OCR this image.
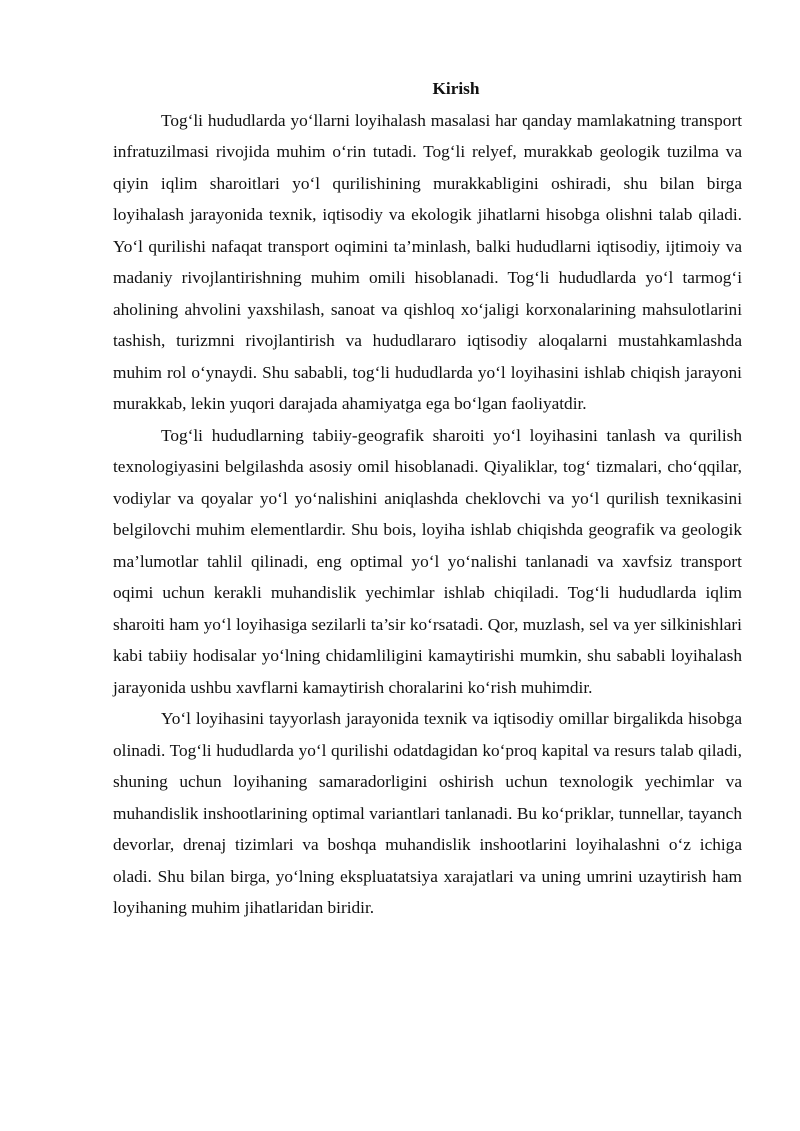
Kirish

Tog‘li hududlarda yo‘llarni loyihalash masalasi har qanday mamlakatning transport infratuzilmasi rivojida muhim o‘rin tutadi. Tog‘li relyef, murakkab geologik tuzilma va qiyin iqlim sharoitlari yo‘l qurilishining murakkabligini oshiradi, shu bilan birga loyihalash jarayonida texnik, iqtisodiy va ekologik jihatlarni hisobga olishni talab qiladi. Yo‘l qurilishi nafaqat transport oqimini ta’minlash, balki hududlarni iqtisodiy, ijtimoiy va madaniy rivojlantirishning muhim omili hisoblanadi. Tog‘li hududlarda yo‘l tarmog‘i aholining ahvolini yaxshilash, sanoat va qishloq xo‘jaligi korxonalarining mahsulotlarini tashish, turizmni rivojlantirish va hududlararo iqtisodiy aloqalarni mustahkamlashda muhim rol o‘ynaydi. Shu sababli, tog‘li hududlarda yo‘l loyihasini ishlab chiqish jarayoni murakkab, lekin yuqori darajada ahamiyatga ega bo‘lgan faoliyatdir.

Tog‘li hududlarning tabiiy-geografik sharoiti yo‘l loyihasini tanlash va qurilish texnologiyasini belgilashda asosiy omil hisoblanadi. Qiyaliklar, tog‘ tizmalari, cho‘qqilar, vodiylar va qoyalar yo‘l yo‘nalishini aniqlashda cheklovchi va yo‘l qurilish texnikasini belgilovchi muhim elementlardir. Shu bois, loyiha ishlab chiqishda geografik va geologik ma’lumotlar tahlil qilinadi, eng optimal yo‘l yo‘nalishi tanlanadi va xavfsiz transport oqimi uchun kerakli muhandislik yechimlar ishlab chiqiladi. Tog‘li hududlarda iqlim sharoiti ham yo‘l loyihasiga sezilarli ta’sir ko‘rsatadi. Qor, muzlash, sel va yer silkinishlari kabi tabiiy hodisalar yo‘lning chidamliligini kamaytirishi mumkin, shu sababli loyihalash jarayonida ushbu xavflarni kamaytirish choralarini ko‘rish muhimdir.

Yo‘l loyihasini tayyorlash jarayonida texnik va iqtisodiy omillar birgalikda hisobga olinadi. Tog‘li hududlarda yo‘l qurilishi odatdagidan ko‘proq kapital va resurs talab qiladi, shuning uchun loyihaning samaradorligini oshirish uchun texnologik yechimlar va muhandislik inshootlarining optimal variantlari tanlanadi. Bu ko‘priklar, tunnellar, tayanch devorlar, drenaj tizimlari va boshqa muhandislik inshootlarini loyihalashni o‘z ichiga oladi. Shu bilan birga, yo‘lning ekspluatatsiya xarajatlari va uning umrini uzaytirish ham loyihaning muhim jihatlaridan biridir.
